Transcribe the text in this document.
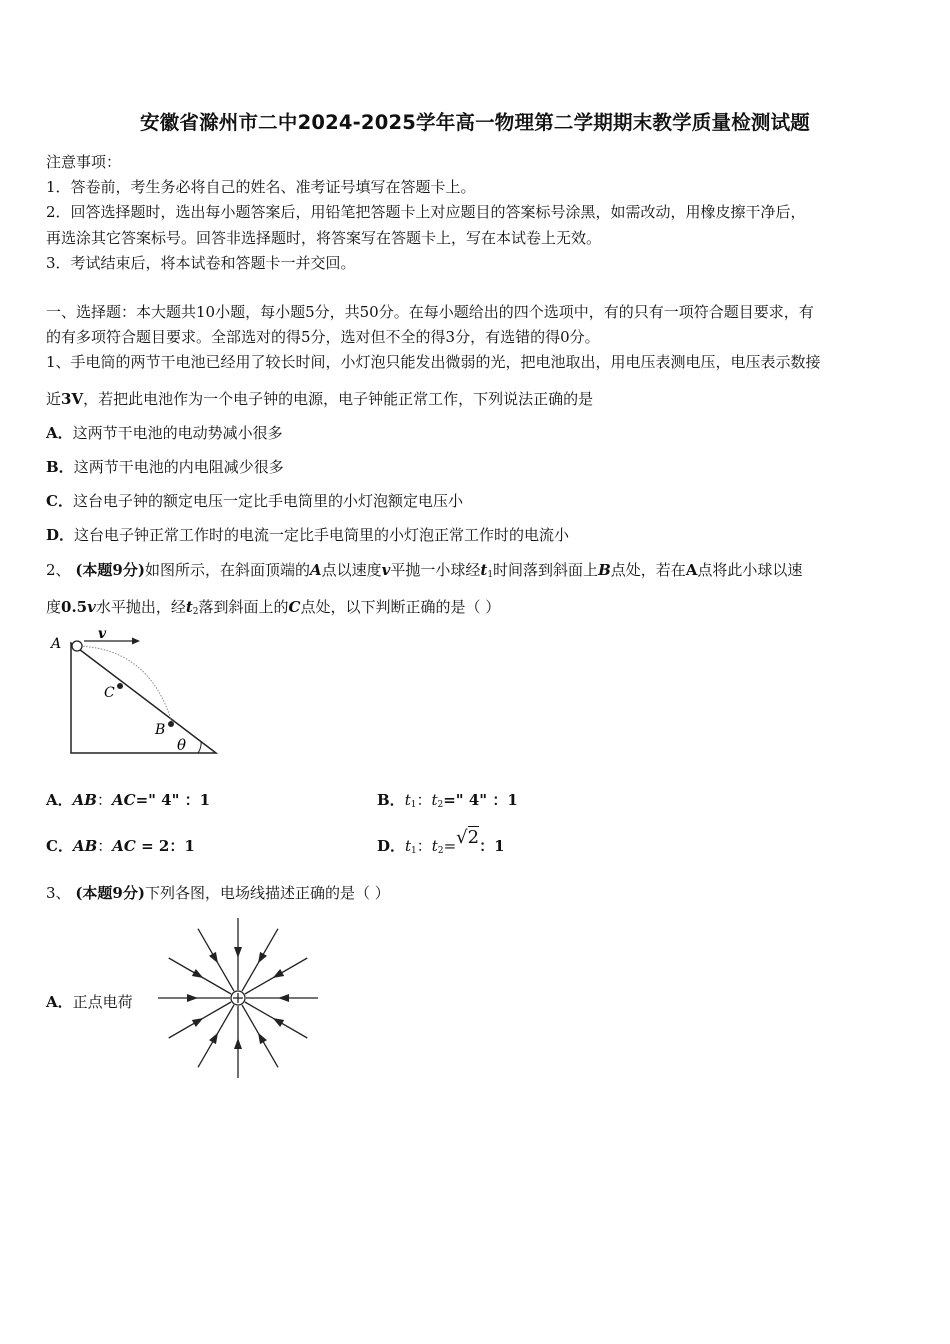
安徽省滁州市二中2024-2025学年高一物理第二学期期末教学质量检测试题
注意事项：
1．答卷前，考生务必将自己的姓名、准考证号填写在答题卡上。
2．回答选择题时，选出每小题答案后，用铅笔把答题卡上对应题目的答案标号涂黑，如需改动，用橡皮擦干净后，
再选涂其它答案标号。回答非选择题时，将答案写在答题卡上，写在本试卷上无效。
3．考试结束后，将本试卷和答题卡一并交回。
一、选择题：本大题共10小题，每小题5分，共50分。在每小题给出的四个选项中，有的只有一项符合题目要求，有
的有多项符合题目要求。全部选对的得5分，选对但不全的得3分，有选错的得0分。
1、手电筒的两节干电池已经用了较长时间，小灯泡只能发出微弱的光，把电池取出，用电压表测电压，电压表示数接
近3V，若把此电池作为一个电子钟的电源，电子钟能正常工作，下列说法正确的是
A．这两节干电池的电动势减小很多
B．这两节干电池的内电阻减少很多
C．这台电子钟的额定电压一定比手电筒里的小灯泡额定电压小
D．这台电子钟正常工作时的电流一定比手电筒里的小灯泡正常工作时的电流小
2、 (本题9分)如图所示，在斜面顶端的A点以速度v平抛一小球经$t_1$时间落到斜面上B点处，若在A点将此小球以速
度0.5v水平抛出，经$t_2$落到斜面上的C点处，以下判断正确的是（ ）
A
v
C
B
θ
A．AB：AC=" 4" ：1	B．$t_1$：$t_2=$" 4" ：1
C．AB：AC = 2：1	D．$t_1$：$t_2=√2$：1
3、 (本题9分)下列各图，电场线描述正确的是（ ）
A．正点电荷
